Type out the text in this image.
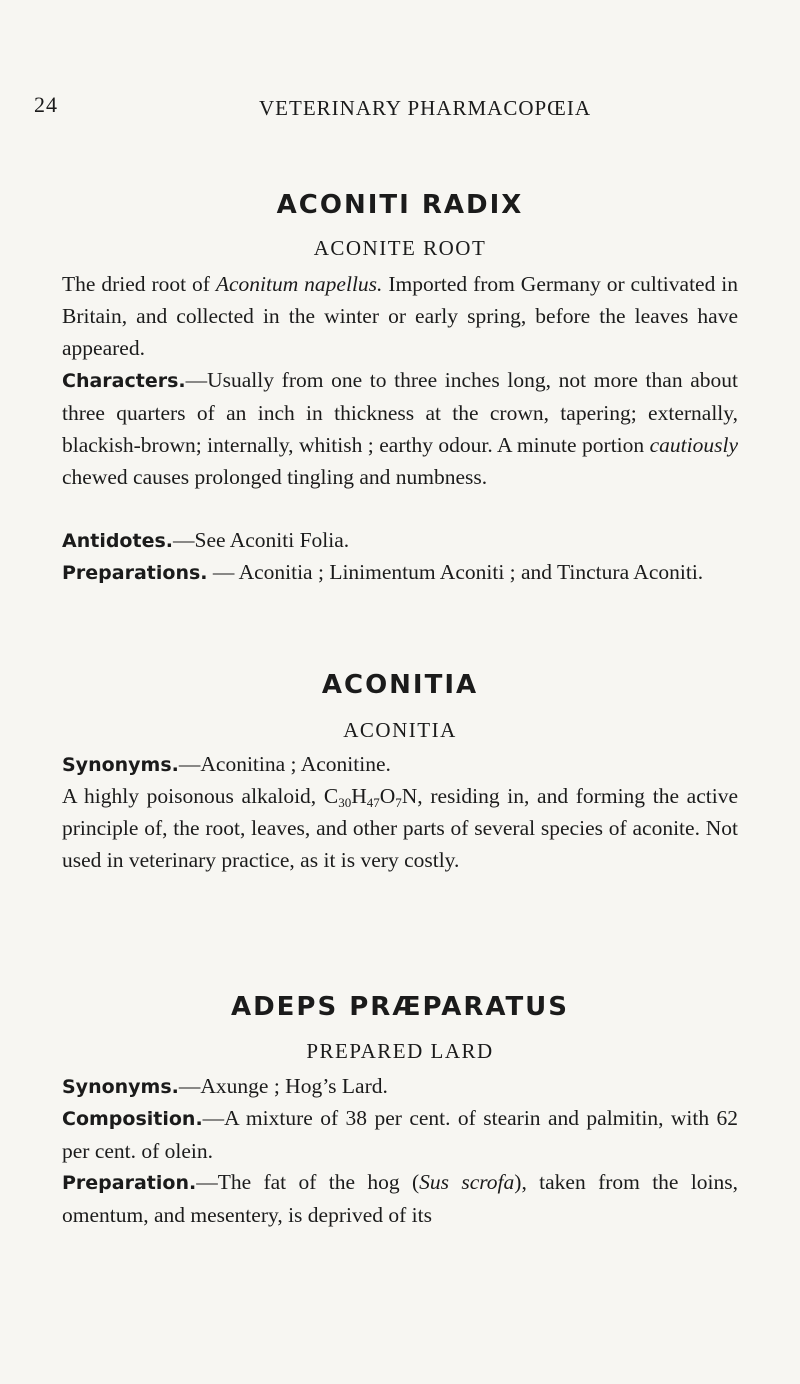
24	VETERINARY PHARMACOPŒIA
ACONITI RADIX
ACONITE ROOT

The dried root of Aconitum napellus. Imported from Germany or cultivated in Britain, and collected in the winter or early spring, before the leaves have appeared.

Characters.—Usually from one to three inches long, not more than about three quarters of an inch in thickness at the crown, tapering; externally, blackish-brown; internally, whitish ; earthy odour. A minute portion cautiously chewed causes prolonged tingling and numbness.

Antidotes.—See Aconiti Folia.

Preparations. — Aconitia ; Linimentum Aconiti ; and Tinctura Aconiti.

ACONITIA
ACONITIA

Synonyms.—Aconitina ; Aconitine.

A highly poisonous alkaloid, $C_{30}H_{47}O_7N$, residing in, and forming the active principle of, the root, leaves, and other parts of several species of aconite. Not used in veterinary practice, as it is very costly.

ADEPS PRÆPARATUS
PREPARED LARD

Synonyms.—Axunge ; Hog’s Lard.

Composition.—A mixture of 38 per cent. of stearin and palmitin, with 62 per cent. of olein.

Preparation.—The fat of the hog (Sus scrofa), taken from the loins, omentum, and mesentery, is deprived of its
